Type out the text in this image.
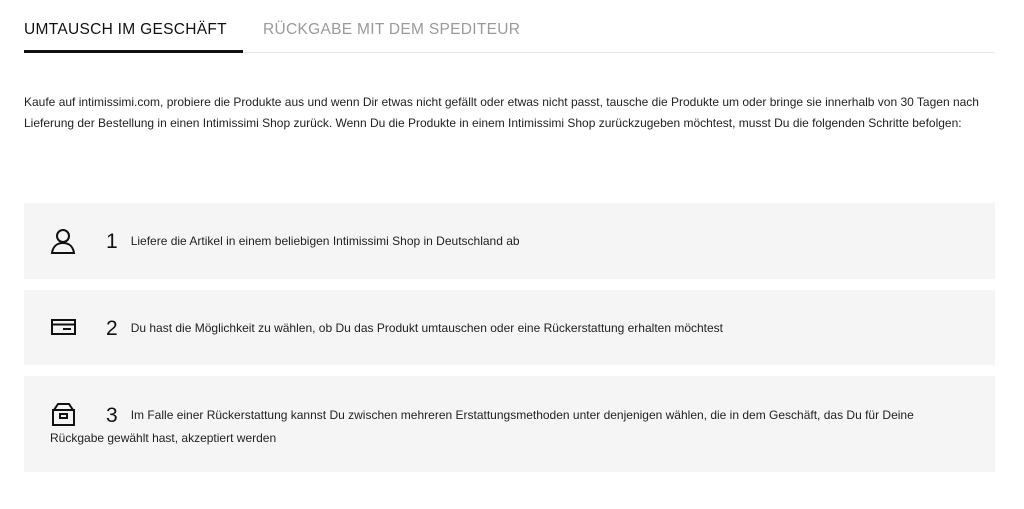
UMTAUSCH IM GESCHÄFT	RÜCKGABE MIT DEM SPEDITEUR

Kaufe auf intimissimi.com, probiere die Produkte aus und wenn Dir etwas nicht gefällt oder etwas nicht passt, tausche die Produkte um oder bringe sie innerhalb von 30 Tagen nach Lieferung der Bestellung in einen Intimissimi Shop zurück. Wenn Du die Produkte in einem Intimissimi Shop zurückzugeben möchtest, musst Du die folgenden Schritte befolgen:

1 Liefere die Artikel in einem beliebigen Intimissimi Shop in Deutschland ab
2 Du hast die Möglichkeit zu wählen, ob Du das Produkt umtauschen oder eine Rückerstattung erhalten möchtest
3 Im Falle einer Rückerstattung kannst Du zwischen mehreren Erstattungsmethoden unter denjenigen wählen, die in dem Geschäft, das Du für Deine Rückgabe gewählt hast, akzeptiert werden
